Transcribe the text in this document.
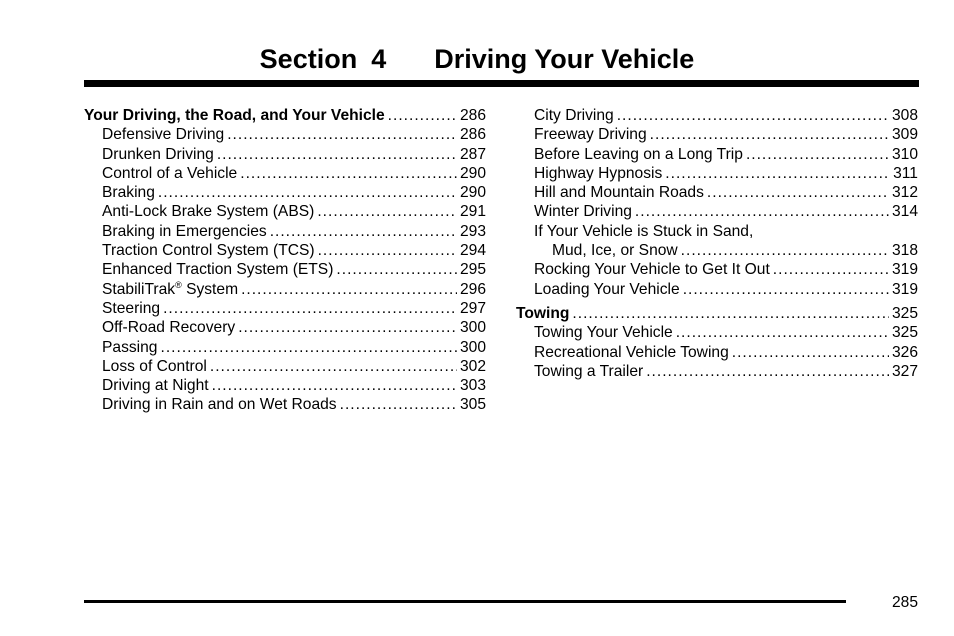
Section 4 Driving Your Vehicle
Your Driving, the Road, and Your Vehicle .....	286
Defensive Driving .....	286
Drunken Driving .....	287
Control of a Vehicle .....	290
Braking .....	290
Anti-Lock Brake System (ABS) .....	291
Braking in Emergencies .....	293
Traction Control System (TCS) .....	294
Enhanced Traction System (ETS) .....	295
StabiliTrak® System .....	296
Steering .....	297
Off-Road Recovery .....	300
Passing .....	300
Loss of Control .....	302
Driving at Night .....	303
Driving in Rain and on Wet Roads .....	305
City Driving .....	308
Freeway Driving .....	309
Before Leaving on a Long Trip .....	310
Highway Hypnosis .....	311
Hill and Mountain Roads .....	312
Winter Driving .....	314
If Your Vehicle is Stuck in Sand,
Mud, Ice, or Snow .....	318
Rocking Your Vehicle to Get It Out .....	319
Loading Your Vehicle .....	319
Towing .....	325
Towing Your Vehicle .....	325
Recreational Vehicle Towing .....	326
Towing a Trailer .....	327
285
